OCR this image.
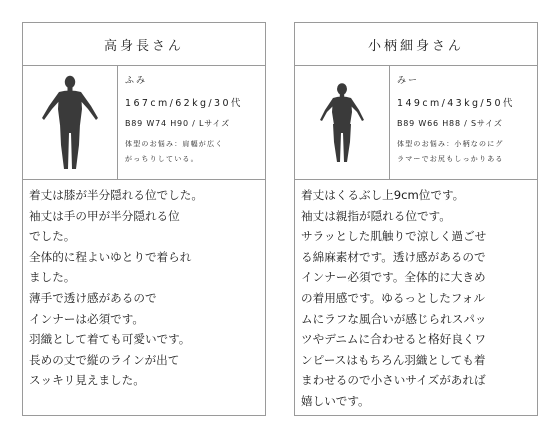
高身長さん
ふみ
167cm/62kg/30代
B89 W74 H90 / Lサイズ
体型のお悩み：肩幅が広く
がっちりしている。
着丈は膝が半分隠れる位でした。
袖丈は手の甲が半分隠れる位
でした。
全体的に程よいゆとりで着られ
ました。
薄手で透け感があるので
インナーは必須です。
羽織として着ても可愛いです。
長めの丈で縦のラインが出て
スッキリ見えました。
小柄細身さん
みー
149cm/43kg/50代
B89 W66 H88 / Sサイズ
体型のお悩み：小柄なのにグ
ラマーでお尻もしっかりある
着丈はくるぶし上9cm位です。
袖丈は親指が隠れる位です。
サラッとした肌触りで涼しく過ごせ
る綿麻素材です。透け感があるので
インナー必須です。全体的に大きめ
の着用感です。ゆるっとしたフォル
ムにラフな風合いが感じられスパッ
ツやデニムに合わせると格好良くワ
ンピースはもちろん羽織としても着
まわせるので小さいサイズがあれば
嬉しいです。
